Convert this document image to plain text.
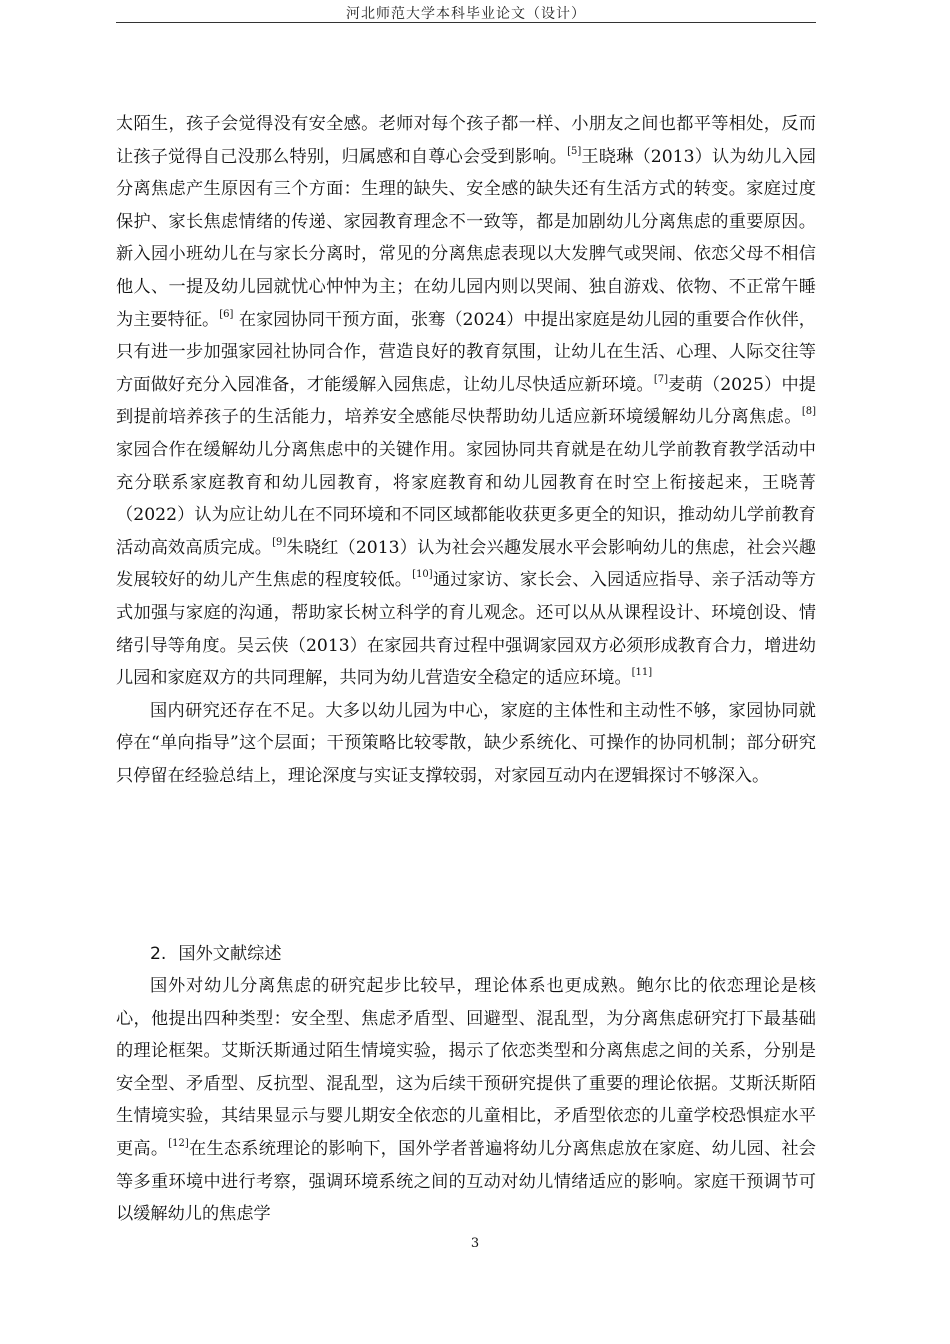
河北师范大学本科毕业论文（设计）

太陌生，孩子会觉得没有安全感。老师对每个孩子都一样、小朋友之间也都平等相处，反而让孩子觉得自己没那么特别，归属感和自尊心会受到影响。[5]王晓琳（2013）认为幼儿入园分离焦虑产生原因有三个方面：生理的缺失、安全感的缺失还有生活方式的转变。家庭过度保护、家长焦虑情绪的传递、家园教育理念不一致等，都是加剧幼儿分离焦虑的重要原因。新入园小班幼儿在与家长分离时，常见的分离焦虑表现以大发脾气或哭闹、依恋父母不相信他人、一提及幼儿园就忧心忡忡为主；在幼儿园内则以哭闹、独自游戏、依物、不正常午睡为主要特征。[6] 在家园协同干预方面，张骞（2024）中提出家庭是幼儿园的重要合作伙伴，只有进一步加强家园社协同合作，营造良好的教育氛围，让幼儿在生活、心理、人际交往等方面做好充分入园准备，才能缓解入园焦虑，让幼儿尽快适应新环境。[7]麦萌（2025）中提到提前培养孩子的生活能力，培养安全感能尽快帮助幼儿适应新环境缓解幼儿分离焦虑。[8]家园合作在缓解幼儿分离焦虑中的关键作用。家园协同共育就是在幼儿学前教育教学活动中充分联系家庭教育和幼儿园教育，将家庭教育和幼儿园教育在时空上衔接起来，王晓菁（2022）认为应让幼儿在不同环境和不同区域都能收获更多更全的知识，推动幼儿学前教育活动高效高质完成。[9]朱晓红（2013）认为社会兴趣发展水平会影响幼儿的焦虑，社会兴趣发展较好的幼儿产生焦虑的程度较低。[10]通过家访、家长会、入园适应指导、亲子活动等方式加强与家庭的沟通，帮助家长树立科学的育儿观念。还可以从从课程设计、环境创设、情绪引导等角度。吴云侠（2013）在家园共育过程中强调家园双方必须形成教育合力，增进幼儿园和家庭双方的共同理解，共同为幼儿营造安全稳定的适应环境。[11]

国内研究还存在不足。大多以幼儿园为中心，家庭的主体性和主动性不够，家园协同就停在“单向指导”这个层面；干预策略比较零散，缺少系统化、可操作的协同机制；部分研究只停留在经验总结上，理论深度与实证支撑较弱，对家园互动内在逻辑探讨不够深入。

2. 国外文献综述

国外对幼儿分离焦虑的研究起步比较早，理论体系也更成熟。鲍尔比的依恋理论是核心，他提出四种类型：安全型、焦虑矛盾型、回避型、混乱型，为分离焦虑研究打下最基础的理论框架。艾斯沃斯通过陌生情境实验，揭示了依恋类型和分离焦虑之间的关系，分别是安全型、矛盾型、反抗型、混乱型，这为后续干预研究提供了重要的理论依据。艾斯沃斯陌生情境实验，其结果显示与婴儿期安全依恋的儿童相比，矛盾型依恋的儿童学校恐惧症水平更高。[12]在生态系统理论的影响下，国外学者普遍将幼儿分离焦虑放在家庭、幼儿园、社会等多重环境中进行考察，强调环境系统之间的互动对幼儿情绪适应的影响。家庭干预调节可以缓解幼儿的焦虑学

3
